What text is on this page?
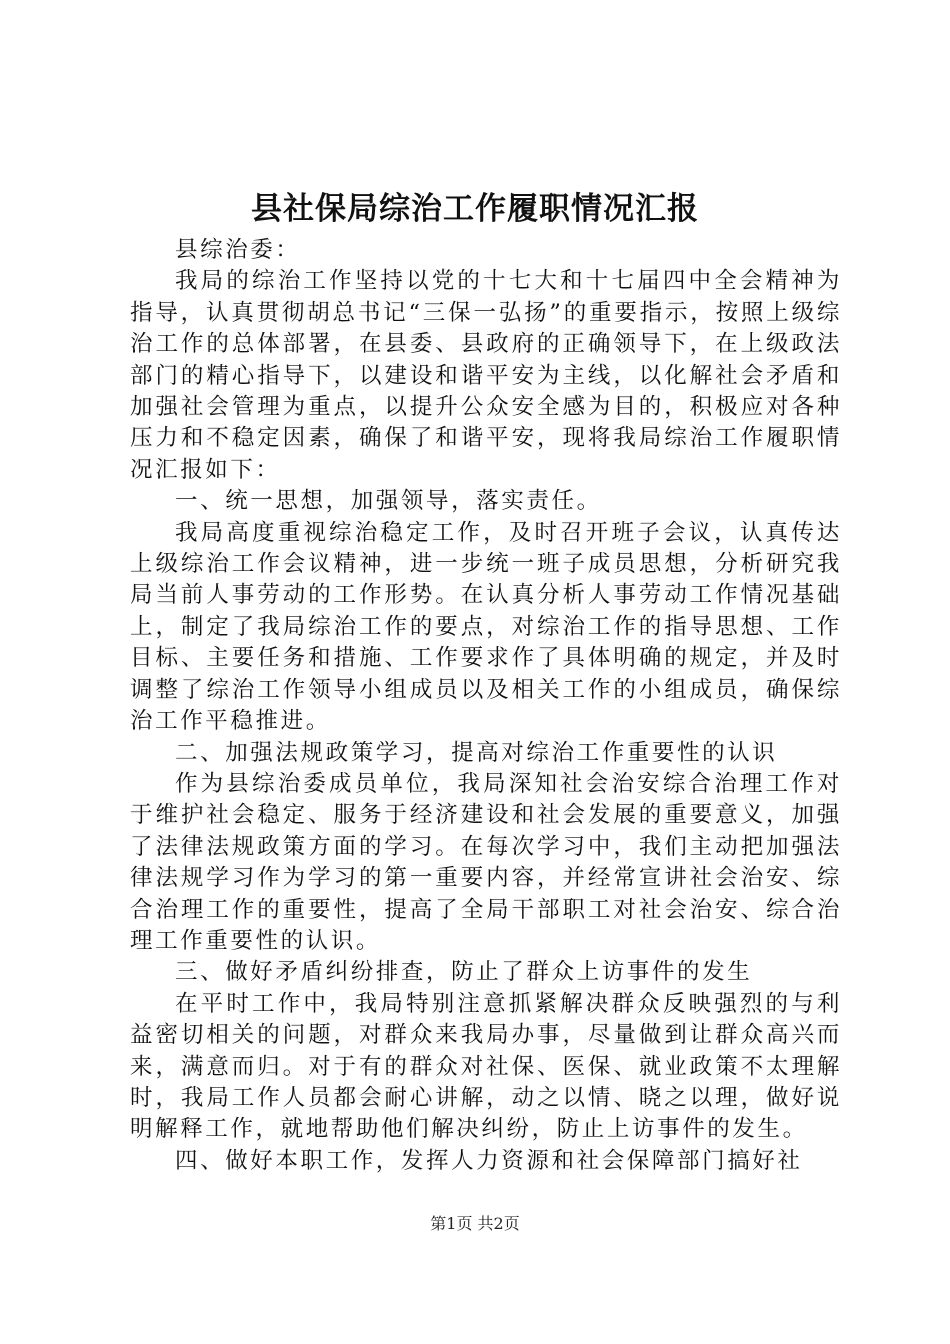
县社保局综治工作履职情况汇报

县综治委：

我局的综治工作坚持以党的十七大和十七届四中全会精神为指导，认真贯彻胡总书记“三保一弘扬”的重要指示，按照上级综治工作的总体部署，在县委、县政府的正确领导下，在上级政法部门的精心指导下，以建设和谐平安为主线，以化解社会矛盾和加强社会管理为重点，以提升公众安全感为目的，积极应对各种压力和不稳定因素，确保了和谐平安，现将我局综治工作履职情况汇报如下：

一、统一思想，加强领导，落实责任。

我局高度重视综治稳定工作，及时召开班子会议，认真传达上级综治工作会议精神，进一步统一班子成员思想，分析研究我局当前人事劳动的工作形势。在认真分析人事劳动工作情况基础上，制定了我局综治工作的要点，对综治工作的指导思想、工作目标、主要任务和措施、工作要求作了具体明确的规定，并及时调整了综治工作领导小组成员以及相关工作的小组成员，确保综治工作平稳推进。

二、加强法规政策学习，提高对综治工作重要性的认识

作为县综治委成员单位，我局深知社会治安综合治理工作对于维护社会稳定、服务于经济建设和社会发展的重要意义，加强了法律法规政策方面的学习。在每次学习中，我们主动把加强法律法规学习作为学习的第一重要内容，并经常宣讲社会治安、综合治理工作的重要性，提高了全局干部职工对社会治安、综合治理工作重要性的认识。

三、做好矛盾纠纷排查，防止了群众上访事件的发生

在平时工作中，我局特别注意抓紧解决群众反映强烈的与利益密切相关的问题，对群众来我局办事，尽量做到让群众高兴而来，满意而归。对于有的群众对社保、医保、就业政策不太理解时，我局工作人员都会耐心讲解，动之以情、晓之以理，做好说明解释工作，就地帮助他们解决纠纷，防止上访事件的发生。

四、做好本职工作，发挥人力资源和社会保障部门搞好社

第1页 共2页
